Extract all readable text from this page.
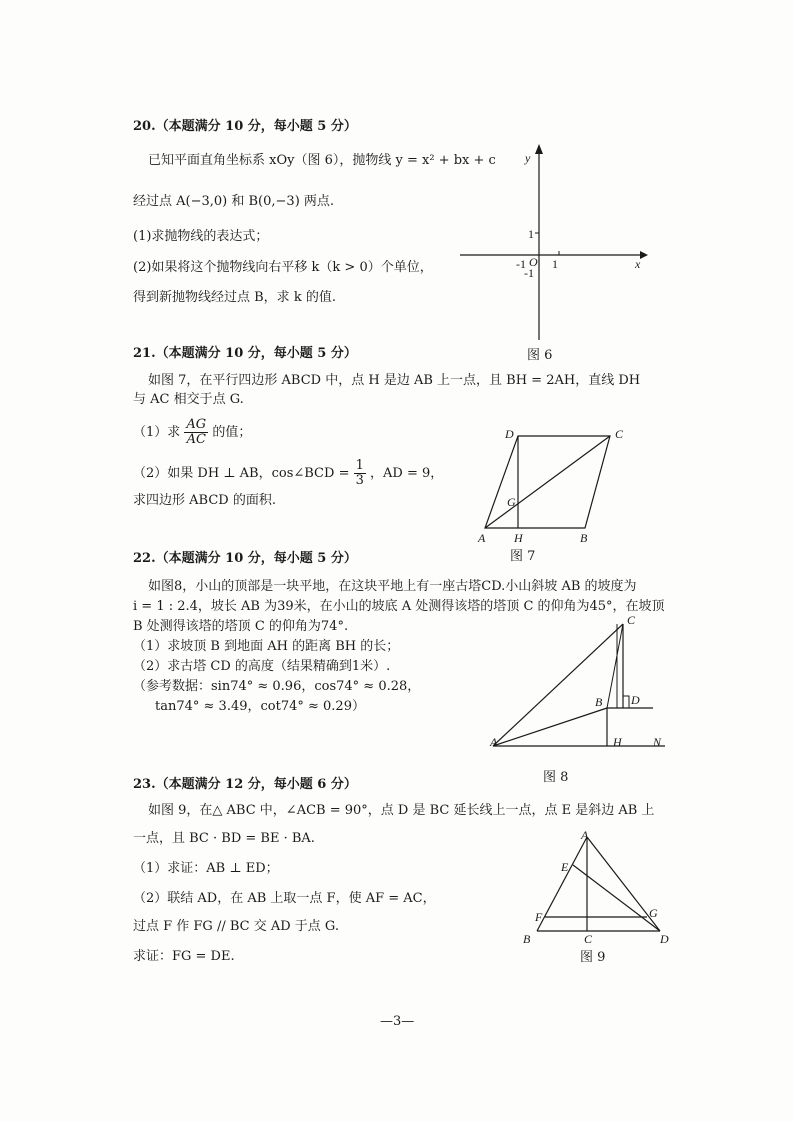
20.（本题满分 10 分，每小题 5 分）
已知平面直角坐标系 xOy（图 6），抛物线 y = x² + bx + c
经过点 A(−3,0) 和 B(0,−3) 两点.
(1)求抛物线的表达式；
(2)如果将这个抛物线向右平移 k（k > 0）个单位，
得到新抛物线经过点 B，求 k 的值.
y
x
1
-1 O 1
-1
图 6
21.（本题满分 10 分，每小题 5 分）
如图 7，在平行四边形 ABCD 中，点 H 是边 AB 上一点，且 BH = 2AH，直线 DH
与 AC 相交于点 G.
（1）求 $\frac{AG}{AC}$ 的值；
（2）如果 DH ⊥ AB，cos∠BCD = $\frac{1}{3}$ ，AD = 9，
求四边形 ABCD 的面积.
D	C
G
A H	B
图 7
22.（本题满分 10 分，每小题 5 分）
如图8，小山的顶部是一块平地，在这块平地上有一座古塔CD.小山斜坡 AB 的坡度为
i = 1 : 2.4，坡长 AB 为39米，在小山的坡底 A 处测得该塔的塔顶 C 的仰角为45°，在坡顶
B 处测得该塔的塔顶 C 的仰角为74°.
（1）求坡顶 B 到地面 AH 的距离 BH 的长；
（2）求古塔 CD 的高度（结果精确到1米）.
（参考数据：sin74° ≈ 0.96，cos74° ≈ 0.28，
tan74° ≈ 3.49，cot74° ≈ 0.29）
C
B D
A	H	N
图 8
23.（本题满分 12 分，每小题 6 分）
如图 9，在△ ABC 中，∠ACB = 90°，点 D 是 BC 延长线上一点，点 E 是斜边 AB 上
一点，且 BC · BD = BE · BA.
（1）求证：AB ⊥ ED；
（2）联结 AD，在 AB 上取一点 F，使 AF = AC，
过点 F 作 FG // BC 交 AD 于点 G.
求证：FG = DE.
A
E
F	G
B	C	D
图 9
—3—
